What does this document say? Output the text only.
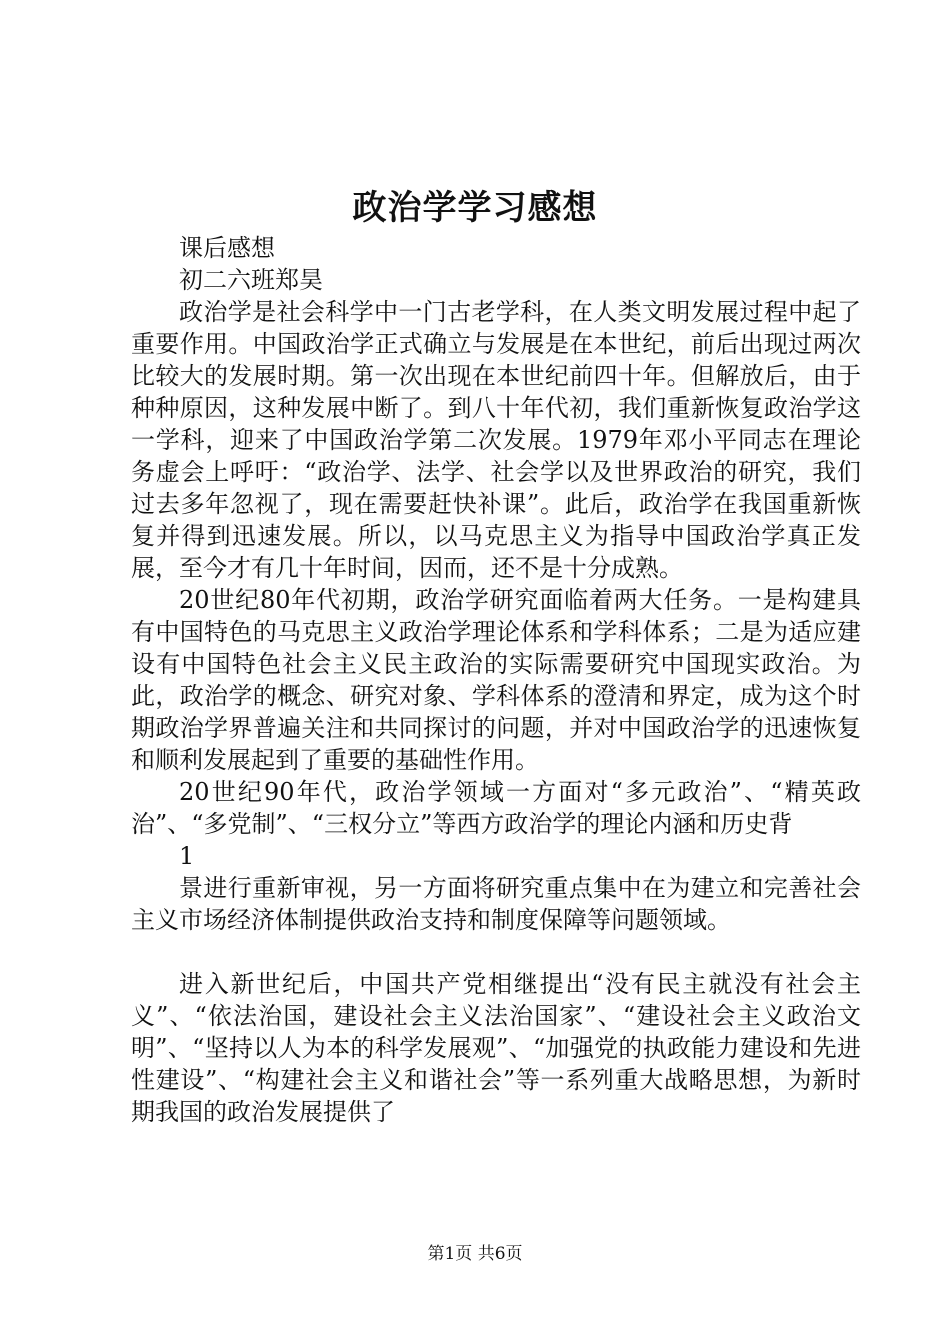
政治学学习感想

课后感想

初二六班郑昊

政治学是社会科学中一门古老学科，在人类文明发展过程中起了重要作用。中国政治学正式确立与发展是在本世纪，前后出现过两次比较大的发展时期。第一次出现在本世纪前四十年。但解放后，由于种种原因，这种发展中断了。到八十年代初，我们重新恢复政治学这一学科，迎来了中国政治学第二次发展。1979年邓小平同志在理论务虚会上呼吁：“政治学、法学、社会学以及世界政治的研究，我们过去多年忽视了，现在需要赶快补课”。此后，政治学在我国重新恢复并得到迅速发展。所以，以马克思主义为指导中国政治学真正发展，至今才有几十年时间，因而，还不是十分成熟。

20世纪80年代初期，政治学研究面临着两大任务。一是构建具有中国特色的马克思主义政治学理论体系和学科体系；二是为适应建设有中国特色社会主义民主政治的实际需要研究中国现实政治。为此，政治学的概念、研究对象、学科体系的澄清和界定，成为这个时期政治学界普遍关注和共同探讨的问题，并对中国政治学的迅速恢复和顺利发展起到了重要的基础性作用。

20世纪90年代，政治学领域一方面对“多元政治”、“精英政治”、“多党制”、“三权分立”等西方政治学的理论内涵和历史背

1

景进行重新审视，另一方面将研究重点集中在为建立和完善社会主义市场经济体制提供政治支持和制度保障等问题领域。

进入新世纪后，中国共产党相继提出“没有民主就没有社会主义”、“依法治国，建设社会主义法治国家”、“建设社会主义政治文明”、“坚持以人为本的科学发展观”、“加强党的执政能力建设和先进性建设”、“构建社会主义和谐社会”等一系列重大战略思想，为新时期我国的政治发展提供了

第1页 共6页
